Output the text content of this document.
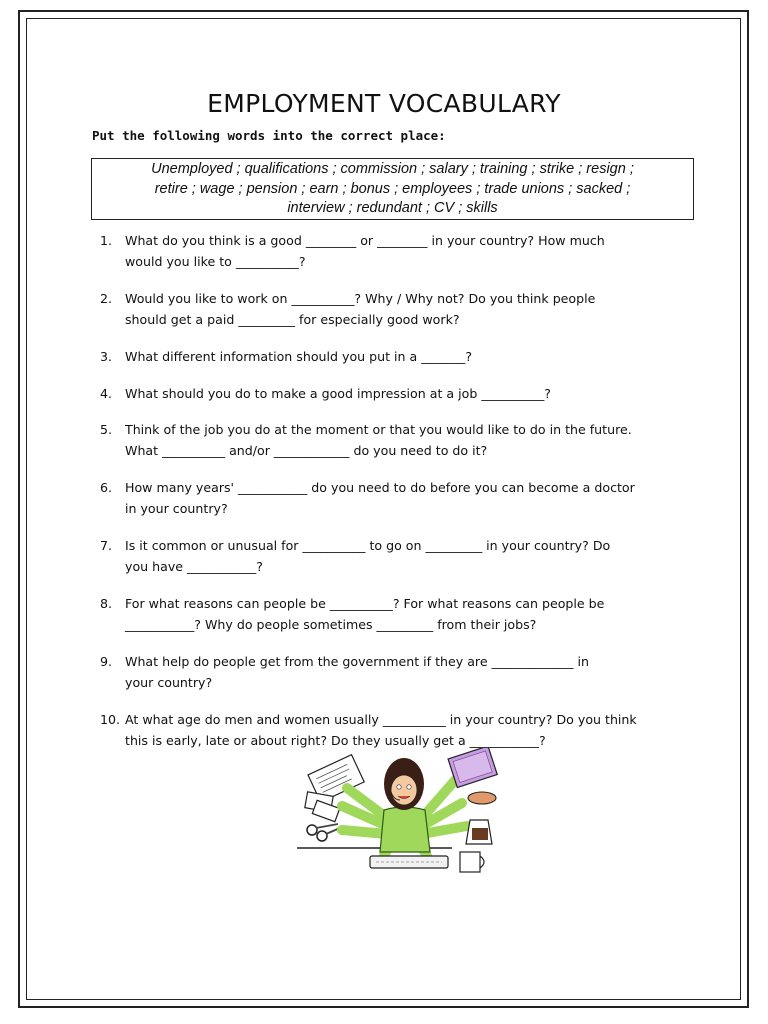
EMPLOYMENT VOCABULARY
Put the following words into the correct place:
Unemployed ; qualifications ; commission ; salary ; training ; strike ; resign ;
retire ; wage ; pension ; earn ; bonus ; employees ; trade unions ; sacked ;
interview ; redundant ; CV ; skills
1. What do you think is a good ________ or ________ in your country? How much
would you like to __________?
2. Would you like to work on __________? Why / Why not? Do you think people
should get a paid _________ for especially good work?
3. What different information should you put in a _______?
4. What should you do to make a good impression at a job __________?
5. Think of the job you do at the moment or that you would like to do in the future.
What __________ and/or ____________ do you need to do it?
6. How many years' ___________ do you need to do before you can become a doctor
in your country?
7. Is it common or unusual for __________ to go on _________ in your country? Do
you have ___________?
8. For what reasons can people be __________? For what reasons can people be
___________? Why do people sometimes _________ from their jobs?
9. What help do people get from the government if they are _____________ in
your country?
10. At what age do men and women usually __________ in your country? Do you think
this is early, late or about right? Do they usually get a ___________?
